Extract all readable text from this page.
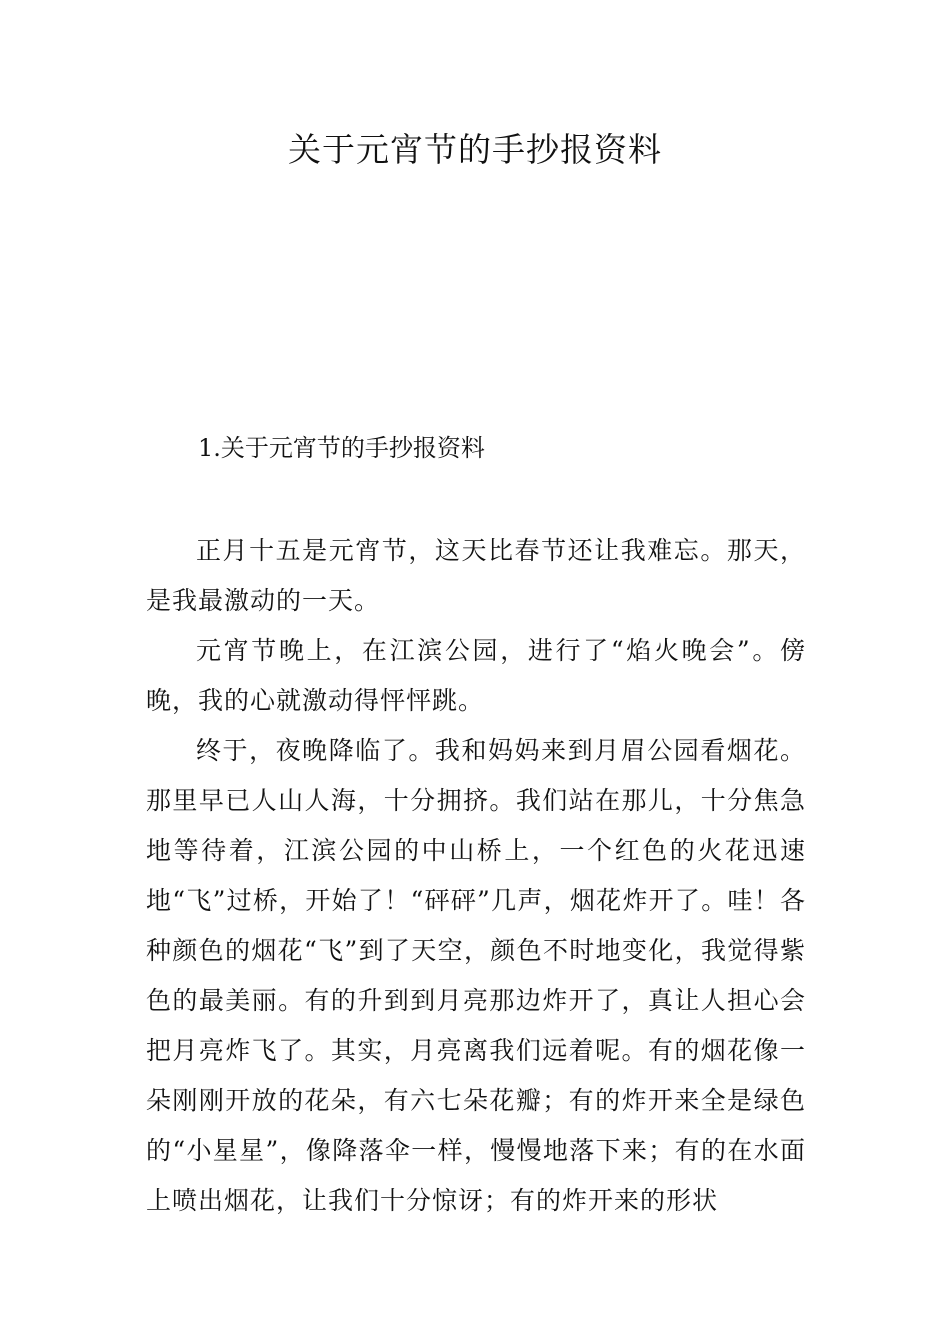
关于元宵节的手抄报资料
1.关于元宵节的手抄报资料

正月十五是元宵节，这天比春节还让我难忘。那天，是我最激动的一天。

元宵节晚上，在江滨公园，进行了“焰火晚会”。傍晚，我的心就激动得怦怦跳。

终于，夜晚降临了。我和妈妈来到月眉公园看烟花。那里早已人山人海，十分拥挤。我们站在那儿，十分焦急地等待着，江滨公园的中山桥上，一个红色的火花迅速地“飞”过桥，开始了！“砰砰”几声，烟花炸开了。哇！各种颜色的烟花“飞”到了天空，颜色不时地变化，我觉得紫色的最美丽。有的升到到月亮那边炸开了，真让人担心会把月亮炸飞了。其实，月亮离我们远着呢。有的烟花像一朵刚刚开放的花朵，有六七朵花瓣；有的炸开来全是绿色的“小星星”，像降落伞一样，慢慢地落下来；有的在水面上喷出烟花，让我们十分惊讶；有的炸开来的形状
